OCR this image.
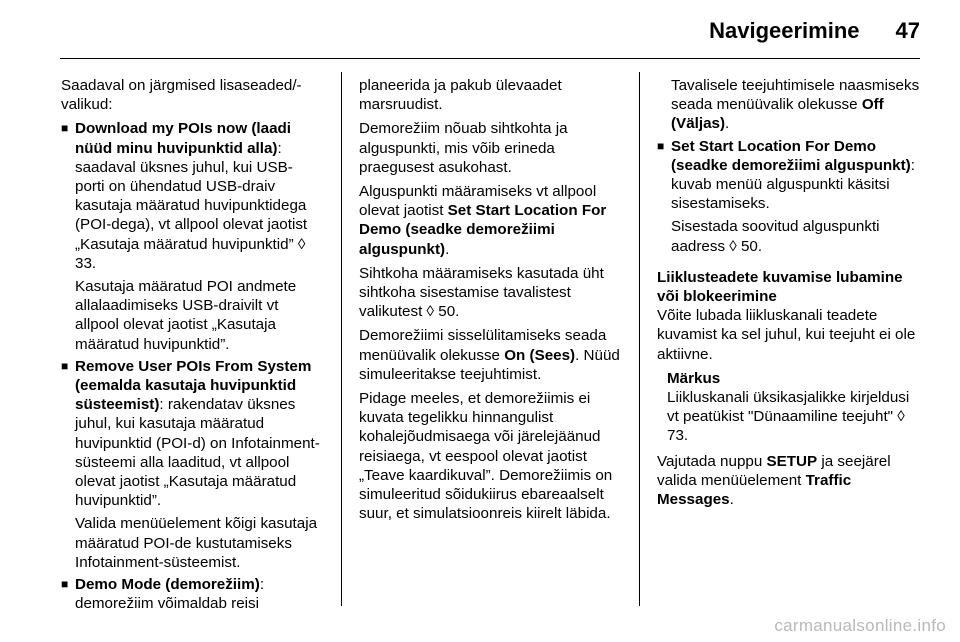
Navigeerimine 47

Saadaval on järgmised lisaseaded/-valikud:

■ Download my POIs now (laadi nüüd minu huvipunktid alla): saadaval üksnes juhul, kui USB-porti on ühendatud USB-draiv kasutaja määratud huvipunktidega (POI-dega), vt allpool olevat jaotist „Kasutaja määratud huvipunktid” ◊ 33.
Kasutaja määratud POI andmete allalaadimiseks USB-draivilt vt allpool olevat jaotist „Kasutaja määratud huvipunktid”.
■ Remove User POIs From System (eemalda kasutaja huvipunktid süsteemist): rakendatav üksnes juhul, kui kasutaja määratud huvipunktid (POI-d) on Infotainment-süsteemi alla laaditud, vt allpool olevat jaotist „Kasutaja määratud huvipunktid”.
Valida menüüelement kõigi kasutaja määratud POI-de kustutamiseks Infotainment-süsteemist.
■ Demo Mode (demorežiim): demorežiim võimaldab reisi

planeerida ja pakub ülevaadet marsruudist.

Demorežiim nõuab sihtkohta ja alguspunkti, mis võib erineda praegusest asukohast.

Alguspunkti määramiseks vt allpool olevat jaotist Set Start Location For Demo (seadke demorežiimi alguspunkt).

Sihtkoha määramiseks kasutada üht sihtkoha sisestamise tavalistest valikutest ◊ 50.

Demorežiimi sisselülitamiseks seada menüüvalik olekusse On (Sees). Nüüd simuleeritakse teejuhtimist.

Pidage meeles, et demorežiimis ei kuvata tegelikku hinnangulist kohalejõudmisaega või järelejäänud reisiaega, vt eespool olevat jaotist „Teave kaardikuval”. Demorežiimis on simuleeritud sõidukiirus ebareaalselt suur, et simulatsioonreis kiirelt läbida.

Tavalisele teejuhtimisele naasmiseks seada menüüvalik olekusse Off (Väljas).
■ Set Start Location For Demo (seadke demorežiimi alguspunkt): kuvab menüü alguspunkti käsitsi sisestamiseks.
Sisestada soovitud alguspunkti aadress ◊ 50.
Liiklusteadete kuvamise lubamine või blokeerimine

Võite lubada liikluskanali teadete kuvamist ka sel juhul, kui teejuht ei ole aktiivne.

Märkus
Liikluskanali üksikasjalikke kirjeldusi vt peatükist "Dünaamiline teejuht" ◊ 73.

Vajutada nuppu SETUP ja seejärel valida menüüelement Traffic Messages.

carmanualsonline.info
